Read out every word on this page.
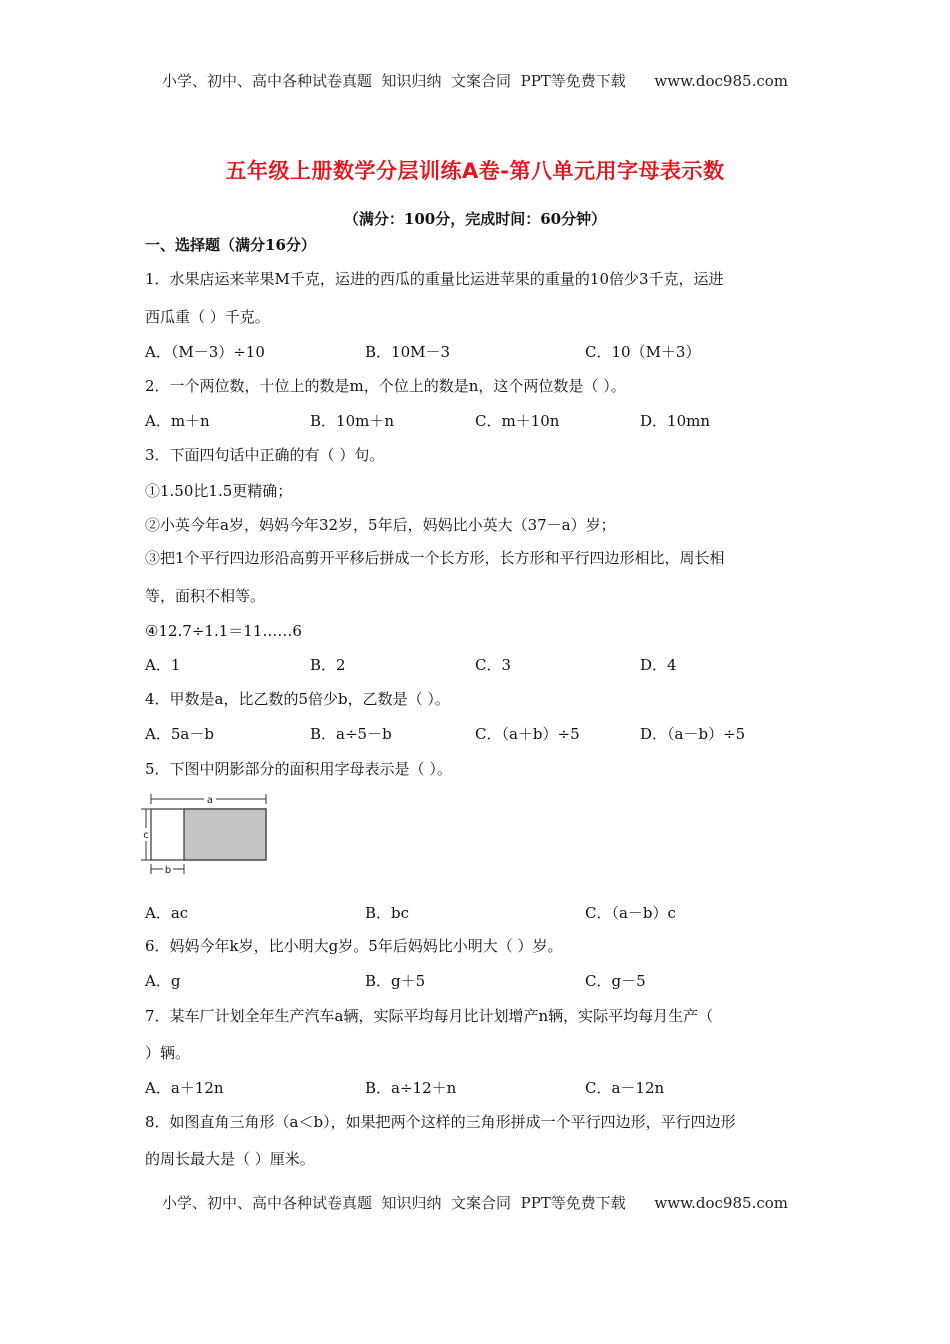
小学、初中、高中各种试卷真题  知识归纳  文案合同  PPT等免费下载      www.doc985.com
五年级上册数学分层训练A卷-第八单元用字母表示数
（满分：100分，完成时间：60分钟）
一、选择题（满分16分）
1．水果店运来苹果M千克，运进的西瓜的重量比运进苹果的重量的10倍少3千克，运进
西瓜重（ ）千克。
A．（M－3）÷10	B．10M－3	C．10（M＋3）
2．一个两位数，十位上的数是m，个位上的数是n，这个两位数是（ ）。
A．m＋n	B．10m＋n	C．m＋10n	D．10mn
3．下面四句话中正确的有（ ）句。
①1.50比1.5更精确；
②小英今年a岁，妈妈今年32岁，5年后，妈妈比小英大（37－a）岁；
③把1个平行四边形沿高剪开平移后拼成一个长方形，长方形和平行四边形相比，周长相
等，面积不相等。
④12.7÷1.1＝11……6
A．1	B．2	C．3	D．4
4．甲数是a，比乙数的5倍少b，乙数是（ ）。
A．5a－b	B．a÷5－b	C．（a＋b）÷5	D．（a－b）÷5
5．下图中阴影部分的面积用字母表示是（ ）。
a
c
b
A．ac	B．bc	C．（a－b）c
6．妈妈今年k岁，比小明大g岁。5年后妈妈比小明大（ ）岁。
A．g	B．g＋5	C．g－5
7．某车厂计划全年生产汽车a辆，实际平均每月比计划增产n辆，实际平均每月生产（
）辆。
A．a＋12n	B．a÷12＋n	C．a－12n
8．如图直角三角形（a＜b），如果把两个这样的三角形拼成一个平行四边形，平行四边形
的周长最大是（ ）厘米。
小学、初中、高中各种试卷真题  知识归纳  文案合同  PPT等免费下载      www.doc985.com
